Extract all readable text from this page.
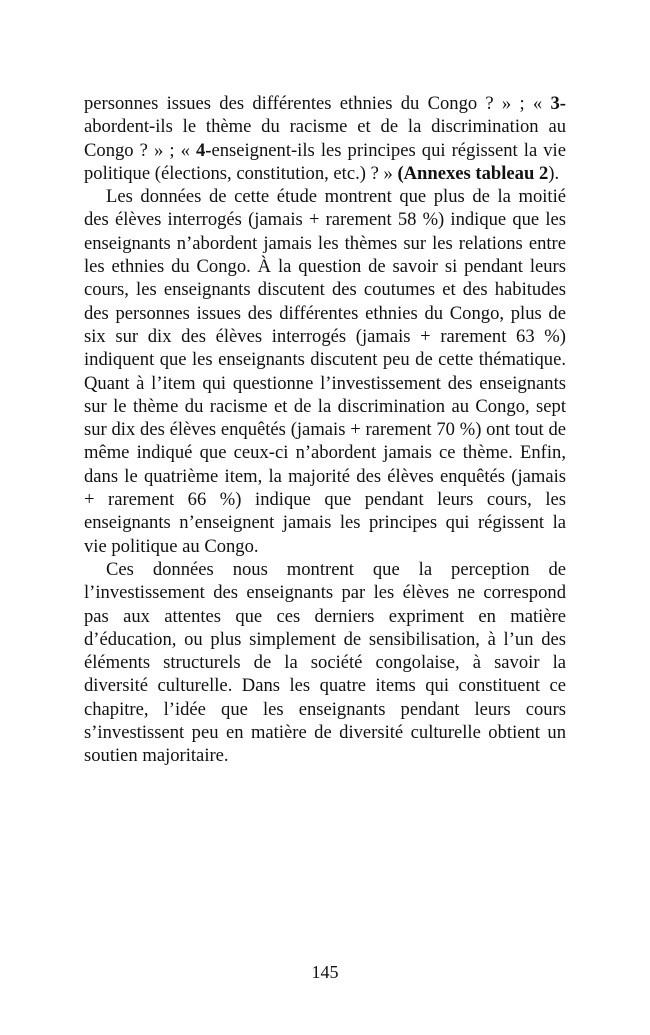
personnes issues des différentes ethnies du Congo ? » ; « 3- abordent-ils le thème du racisme et de la discrimination au Congo ? » ; « 4-enseignent-ils les principes qui régissent la vie politique (élections, constitution, etc.) ? » (Annexes tableau 2).

Les données de cette étude montrent que plus de la moitié des élèves interrogés (jamais + rarement 58 %) indique que les enseignants n’abordent jamais les thèmes sur les relations entre les ethnies du Congo. À la question de savoir si pendant leurs cours, les enseignants discutent des coutumes et des habitudes des personnes issues des différentes ethnies du Congo, plus de six sur dix des élèves interrogés (jamais + rarement 63 %) indiquent que les enseignants discutent peu de cette thématique. Quant à l’item qui questionne l’investissement des enseignants sur le thème du racisme et de la discrimination au Congo, sept sur dix des élèves enquêtés (jamais + rarement 70 %) ont tout de même indiqué que ceux-ci n’abordent jamais ce thème. Enfin, dans le quatrième item, la majorité des élèves enquêtés (jamais + rarement 66 %) indique que pendant leurs cours, les enseignants n’enseignent jamais les principes qui régissent la vie politique au Congo.

Ces données nous montrent que la perception de l’investissement des enseignants par les élèves ne correspond pas aux attentes que ces derniers expriment en matière d’éducation, ou plus simplement de sensibilisation, à l’un des éléments structurels de la société congolaise, à savoir la diversité culturelle. Dans les quatre items qui constituent ce chapitre, l’idée que les enseignants pendant leurs cours s’investissent peu en matière de diversité culturelle obtient un soutien majoritaire.

145
